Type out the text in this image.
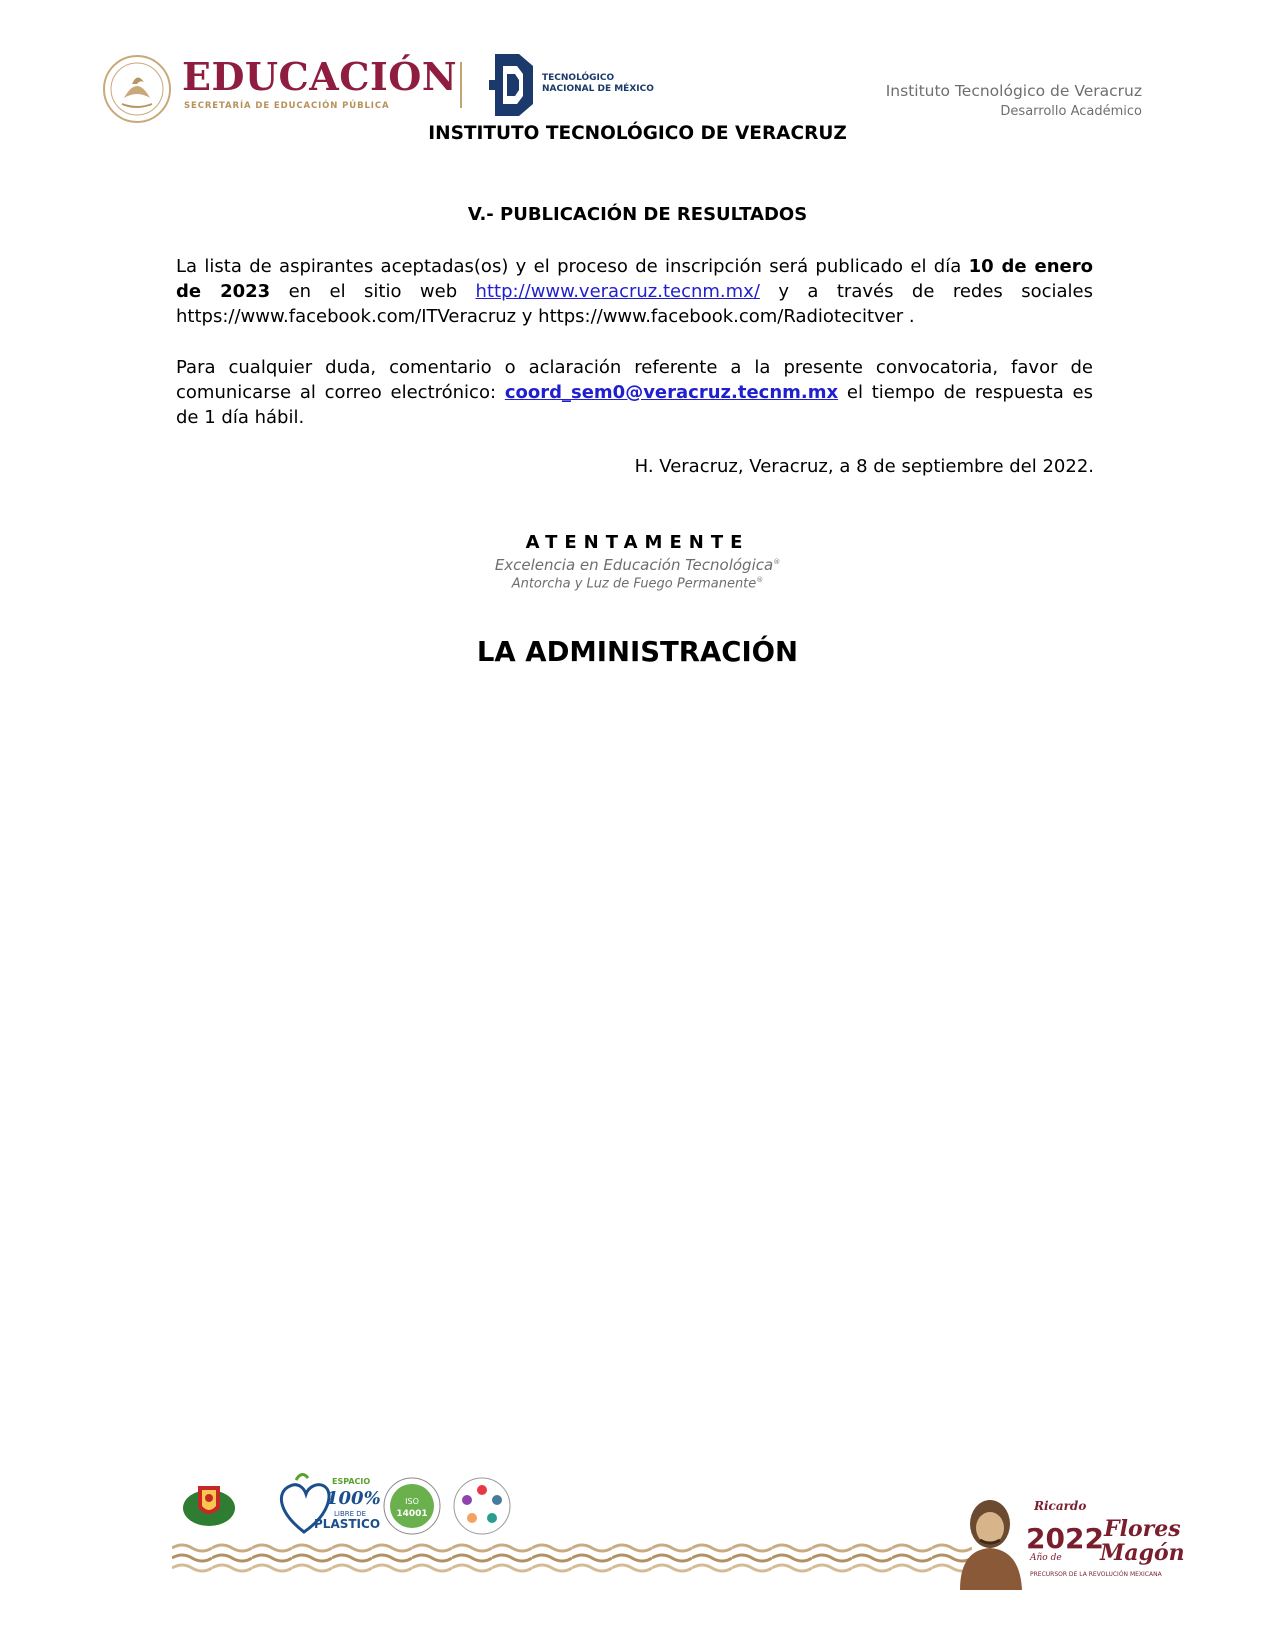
EDUCACIÓN
SECRETARÍA DE EDUCACIÓN PÚBLICA
TECNOLÓGICO
NACIONAL DE MÉXICO	Instituto Tecnológico de Veracruz
Desarrollo Académico
INSTITUTO TECNOLÓGICO DE VERACRUZ
V.- PUBLICACIÓN DE RESULTADOS
La lista de aspirantes aceptadas(os) y el proceso de inscripción será publicado el día 10 de enero de 2023 en el sitio web http://www.veracruz.tecnm.mx/ y a través de redes sociales https://www.facebook.com/ITVeracruz y https://www.facebook.com/Radiotecitver .
Para cualquier duda, comentario o aclaración referente a la presente convocatoria, favor de comunicarse al correo electrónico: coord_sem0@veracruz.tecnm.mx el tiempo de respuesta es de 1 día hábil.
H. Veracruz, Veracruz, a 8 de septiembre del 2022.
ATENTAMENTE
Excelencia en Educación Tecnológica®
Antorcha y Luz de Fuego Permanente®
LA ADMINISTRACIÓN
ESPACIO
100%
LIBRE DE
PLASTICO
ISO
14001
Ricardo
2022
Año de
Flores
Magón
PRECURSOR DE LA REVOLUCIÓN MEXICANA
